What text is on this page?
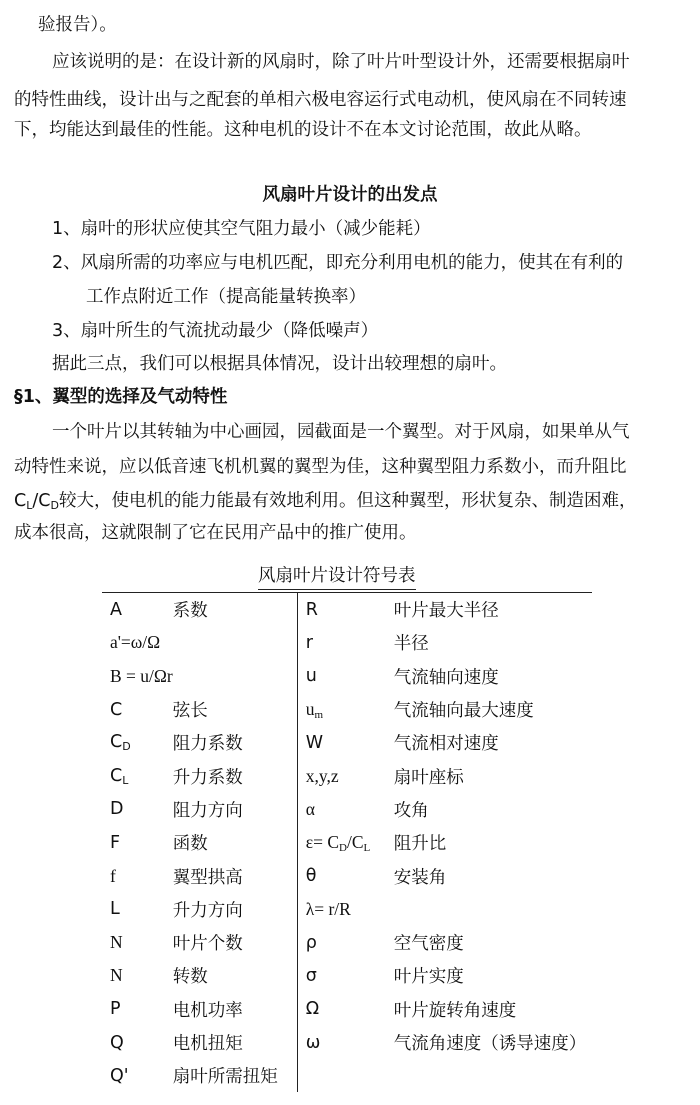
验报告）。
应该说明的是：在设计新的风扇时，除了叶片叶型设计外，还需要根据扇叶
的特性曲线，设计出与之配套的单相六极电容运行式电动机，使风扇在不同转速
下，均能达到最佳的性能。这种电机的设计不在本文讨论范围，故此从略。
风扇叶片设计的出发点
1、扇叶的形状应使其空气阻力最小（减少能耗）
2、风扇所需的功率应与电机匹配，即充分利用电机的能力，使其在有利的
工作点附近工作（提高能量转换率）
3、扇叶所生的气流扰动最少（降低噪声）
据此三点，我们可以根据具体情况，设计出较理想的扇叶。
§1、翼型的选择及气动特性
一个叶片以其转轴为中心画园，园截面是一个翼型。对于风扇，如果单从气
动特性来说，应以低音速飞机机翼的翼型为佳，这种翼型阻力系数小，而升阻比
$C_L/C_D$较大，使电机的能力能最有效地利用。但这种翼型，形状复杂、制造困难，
成本很高，这就限制了它在民用产品中的推广使用。
风扇叶片设计符号表
A	系数	R	叶片最大半径
a'=ω/Ω		r	半径
B = u/Ωr		u	气流轴向速度
C	弦长	$u_m$	气流轴向最大速度
$C_D$	阻力系数	W	气流相对速度
$C_L$	升力系数	x,y,z	扇叶座标
D	阻力方向	α	攻角
F	函数	$\varepsilon= C_D/C_L$	阻升比
f	翼型拱高	θ	安装角
L	升力方向	λ= r/R	
N	叶片个数	ρ	空气密度
N	转数	σ	叶片实度
P	电机功率	Ω	叶片旋转角速度
Q	电机扭矩	ω	气流角速度（诱导速度）
Q'	扇叶所需扭矩		
